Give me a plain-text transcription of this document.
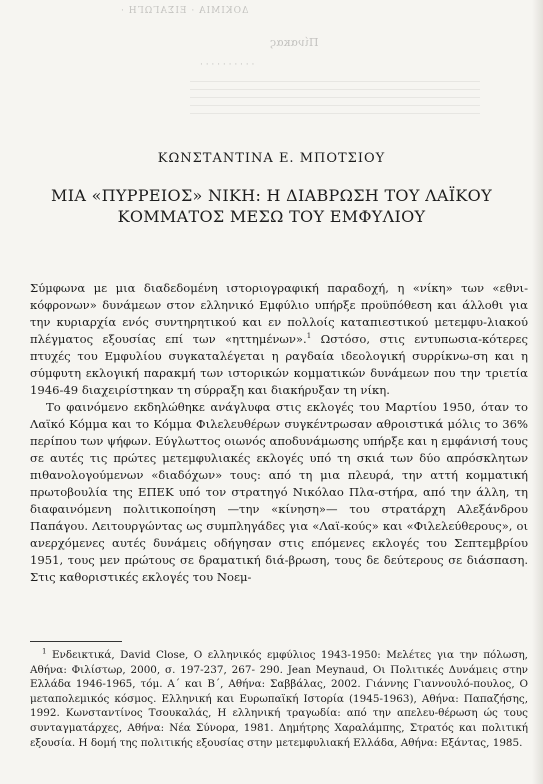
ΔΟΚΙΜΙΑ · ΕΙΣΑΓΩΓΗ ·
Πίνακας
· · · · · · · · · ·
ΚΩΝΣΤΑΝΤΙΝΑ Ε. ΜΠΟΤΣΙΟΥ
ΜΙΑ «ΠΥΡΡΕΙΟΣ» ΝΙΚΗ: Η ΔΙΑΒΡΩΣΗ ΤΟΥ ΛΑΪΚΟΥ
ΚΟΜΜΑΤΟΣ ΜΕΣΩ ΤΟΥ ΕΜΦΥΛΙΟΥ

Σύμφωνα με μια διαδεδομένη ιστοριογραφική παραδοχή, η «νίκη» των «εθνι-κόφρονων» δυνάμεων στον ελληνικό Εμφύλιο υπήρξε προϋπόθεση και άλλοθι για την κυριαρχία ενός συντηρητικού και εν πολλοίς καταπιεστικού μετεμφυ-λιακού πλέγματος εξουσίας επί των «ηττημένων».$^1$ Ωστόσο, στις εντυπωσια-κότερες πτυχές του Εμφυλίου συγκαταλέγεται η ραγδαία ιδεολογική συρρίκνω-ση και η σύμφυτη εκλογική παρακμή των ιστορικών κομματικών δυνάμεων που την τριετία 1946-49 διαχειρίστηκαν τη σύρραξη και διακήρυξαν τη νίκη.

Το φαινόμενο εκδηλώθηκε ανάγλυφα στις εκλογές του Μαρτίου 1950, όταν το Λαϊκό Κόμμα και το Κόμμα Φιλελευθέρων συγκέντρωσαν αθροιστικά μόλις το 36% περίπου των ψήφων. Εύγλωττος οιωνός αποδυνάμωσης υπήρξε και η εμφάνισή τους σε αυτές τις πρώτες μετεμφυλιακές εκλογές υπό τη σκιά των δύο απρόσκλητων πιθανολογούμενων «διαδόχων» τους: από τη μια πλευρά, την αττή κομματική πρωτοβουλία της ΕΠΕΚ υπό τον στρατηγό Νικόλαο Πλα-στήρα, από την άλλη, τη διαφαινόμενη πολιτικοποίηση —την «κίνηση»— του στρατάρχη Αλεξάνδρου Παπάγου. Λειτουργώντας ως συμπληγάδες για «Λαϊ-κούς» και «Φιλελεύθερους», οι ανερχόμενες αυτές δυνάμεις οδήγησαν στις επόμενες εκλογές του Σεπτεμβρίου 1951, τους μεν πρώτους σε δραματική διά-βρωση, τους δε δεύτερους σε διάσπαση. Στις καθοριστικές εκλογές του Νοεμ-

$^1$ Ενδεικτικά, David Close, Ο ελληνικός εμφύλιος 1943-1950: Μελέτες για την πόλωση, Αθήνα: Φιλίστωρ, 2000, σ. 197-237, 267- 290. Jean Meynaud, Οι Πολιτικές Δυνάμεις στην Ελλάδα 1946-1965, τόμ. Α΄ και Β΄, Αθήνα: Σαββάλας, 2002. Γιάννης Γιαννουλό-πουλος, Ο μεταπολεμικός κόσμος. Ελληνική και Ευρωπαϊκή Ιστορία (1945-1963), Αθήνα: Παπαζήσης, 1992. Κωνσταντίνος Τσουκαλάς, Η ελληνική τραγωδία: από την απελευ-θέρωση ώς τους συνταγματάρχες, Αθήνα: Νέα Σύνορα, 1981. Δημήτρης Χαραλάμπης, Στρατός και πολιτική εξουσία. Η δομή της πολιτικής εξουσίας στην μετεμφυλιακή Ελλάδα, Αθήνα: Εξάντας, 1985.
